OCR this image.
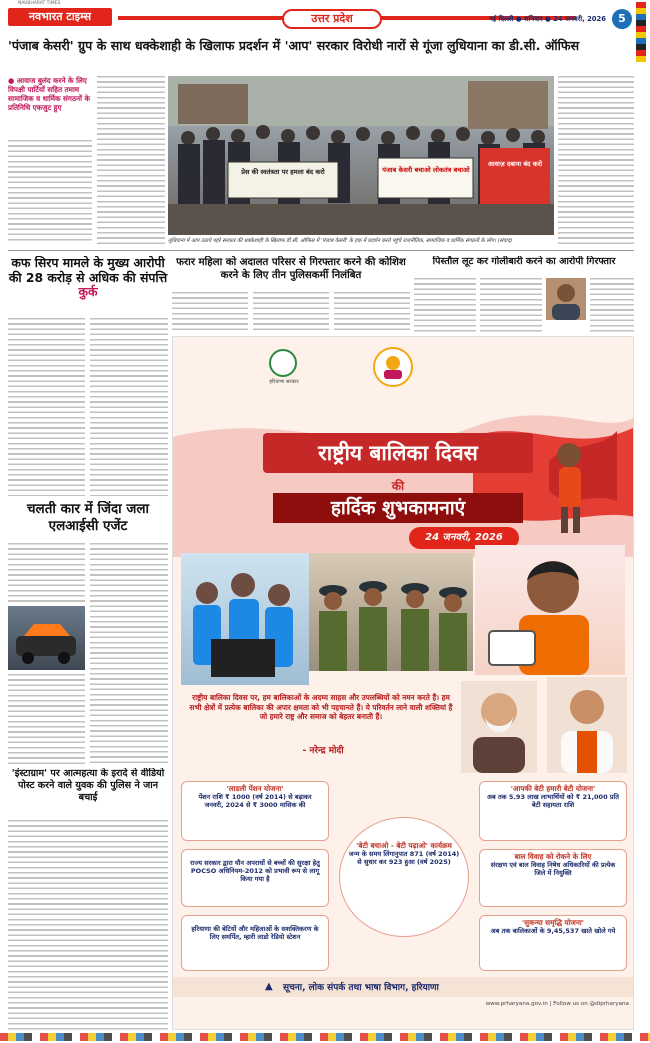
NAVBHARAT TIMES
नवभारत टाइम्स	उत्तर प्रदेश	नई दिल्ली ● शनिवार ● 24 जनवरी, 2026	5
'पंजाब केसरी' ग्रुप के साथ धक्केशाही के खिलाफ प्रदर्शन में 'आप' सरकार विरोधी नारों से गूंजा लुधियाना का डी.सी. ऑफिस
● आवाज बुलंद करने के लिए विपक्षी पार्टियों सहित तमाम सामाजिक व धार्मिक संगठनों के प्रतिनिधि एकजुट हुए
प्रेस की स्वतंत्रता पर हमला बंद करो	पंजाब केसरी बचाओ लोकतंत्र बचाओ
आवाज़ दबाना बंद करो
लुधियाना में आप उठाये पहरे सरकार की धक्केशाही के खिलाफ डी.सी. ऑफिस में 'पंजाब केसरी' के हक में प्रदर्शन करते पहुंचे राजनीतिक, सामाजिक व धार्मिक संगठनों के लोग। (संवाद)
कफ सिरप मामले के मुख्य आरोपी की 28 करोड़ से अधिक की संपत्ति कुर्क
चलती कार में जिंदा जला एलआईसी एजेंट
'इंस्टाग्राम' पर आत्महत्या के इरादे से वीडियो पोस्ट करने वाले युवक की पुलिस ने जान बचाई
फरार महिला को अदालत परिसर से गिरफ्तार करने की कोशिश करने के लिए तीन पुलिसकर्मी निलंबित
पिस्तौल लूट कर गोलीबारी करने का आरोपी गिरफ्तार
हरियाणा सरकार
राष्ट्रीय बालिका दिवस
की
हार्दिक शुभकामनाएं
24 जनवरी, 2026
राष्ट्रीय बालिका दिवस पर, हम बालिकाओं के अदम्य साहस और उपलब्धियों को नमन करते हैं। हम सभी क्षेत्रों में प्रत्येक बालिका की अपार क्षमता को भी पहचानते हैं। ये परिवर्तन लाने वाली शक्तियां हैं जो हमारे राष्ट्र और समाज को बेहतर बनाती हैं।
- नरेन्द्र मोदी
'लाडली पेंशन योजना'
पेंशन राशि ₹ 1000 (वर्ष 2014) से बढ़ाकर जनवरी, 2024 से ₹ 3000 मासिक की
'आपकी बेटी हमारी बेटी योजना'
अब तक 5.93 लाख लाभार्थियों को ₹ 21,000 प्रति बेटी सहायता राशि
राज्य सरकार द्वारा यौन अपराधों से बच्चों की सुरक्षा हेतु POCSO अधिनियम-2012 को प्रभावी रूप से लागू किया गया है
'बेटी बचाओ - बेटी पढ़ाओ' कार्यक्रम
जन्म के समय लिंगानुपात 871 (वर्ष 2014) से सुधार कर 923 हुआ (वर्ष 2025)
बाल विवाह को रोकने के लिए
संरक्षण एवं बाल विवाह निषेध अधिकारियों की प्रत्येक जिले में नियुक्ति
हरियाणा की बेटियों और महिलाओं के सशक्तिकरण के लिए समर्पित, म्हारी लाडो रेडियो स्टेशन
'सुकन्या समृद्धि योजना'
अब तक बालिकाओं के 9,45,537 खाते खोले गये
▲	सूचना, लोक संपर्क तथा भाषा विभाग, हरियाणा
www.prharyana.gov.in | Follow us on @diprharyana
